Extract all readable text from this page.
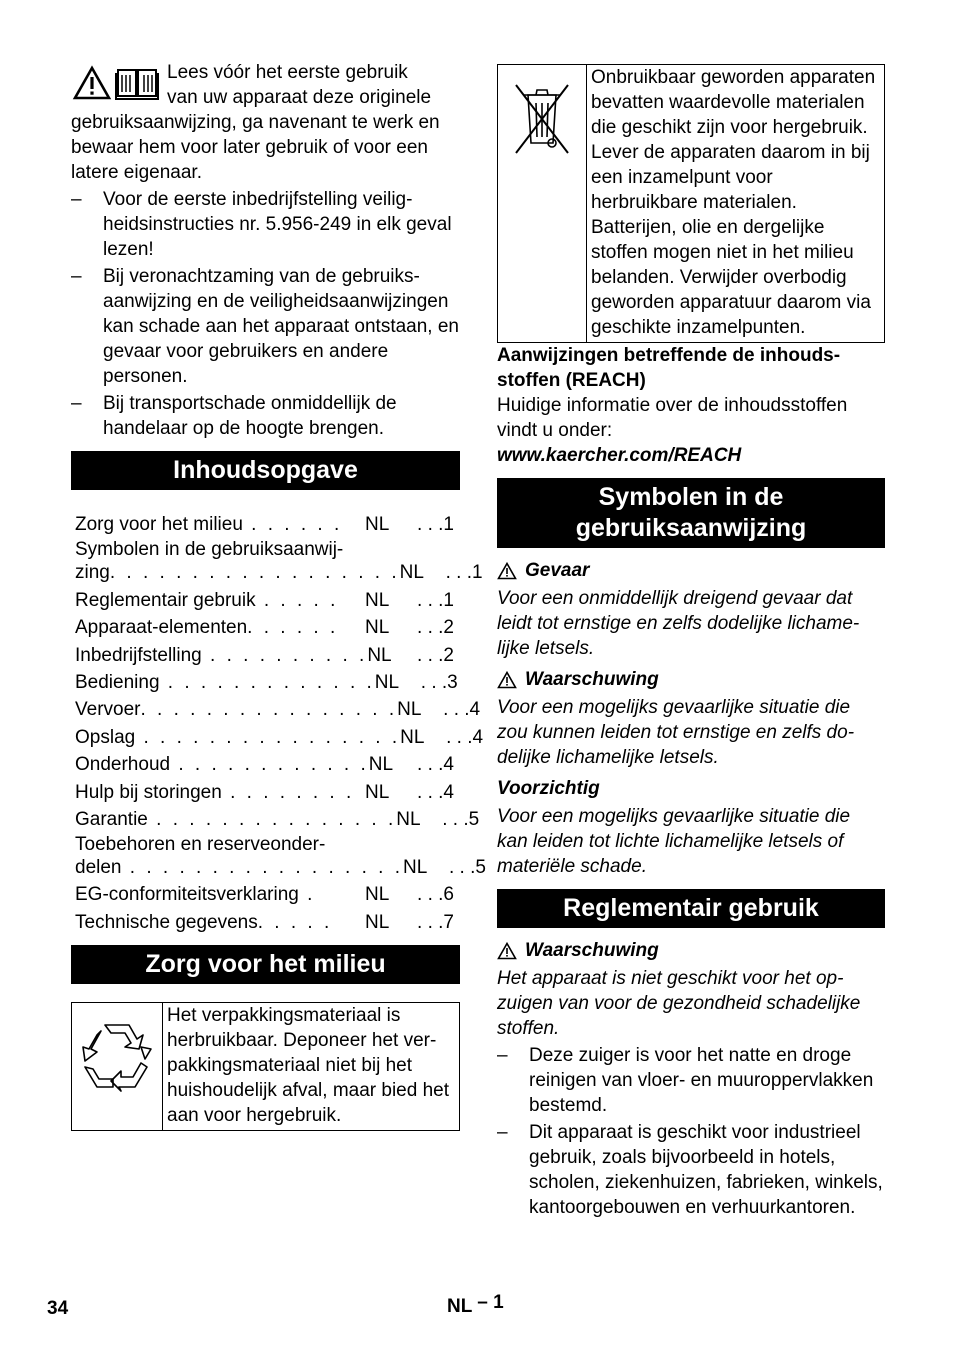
Lees vóór het eerste gebruik

van uw apparaat deze originele

gebruiksaanwijzing, ga navenant te werk en bewaar hem voor later gebruik of voor een latere eigenaar.

– Voor de eerste inbedrijfstelling veiligheidsinstructies nr. 5.956-249 in elk geval lezen!
– Bij veronachtzaming van de gebruiksaanwijzing en de veiligheidsaanwijzingen kan schade aan het apparaat ontstaan, en gevaar voor gebruikers en andere personen.
– Bij transportschade onmiddellijk de handelaar op de hoogte brengen.
Inhoudsopgave
Zorg voor het milieu . . . . . .	NL	. . .1
Symbolen in de gebruiksaanwij-
zing. . . . . . . . . . . . . . . . . . NL	. . .1
Reglementair gebruik . . . . .	NL	. . .1
Apparaat-elementen. . . . . .	NL	. . .2
Inbedrijfstelling . . . . . . . . . . NL	. . .2
Bediening . . . . . . . . . . . . . NL	. . .3
Vervoer. . . . . . . . . . . . . . . . NL	. . .4
Opslag . . . . . . . . . . . . . . . . NL	. . .4
Onderhoud . . . . . . . . . . . . NL	. . .4
Hulp bij storingen . . . . . . . . NL	. . .4
Garantie . . . . . . . . . . . . . . . NL	. . .5
Toebehoren en reserveonder-
delen . . . . . . . . . . . . . . . . . NL	. . .5
EG-conformiteitsverklaring .	NL	. . .6
Technische gegevens. . . . .	NL	. . .7
Zorg voor het milieu
Het verpakkingsmateriaal is herbruikbaar. Deponeer het verpakkingsmateriaal niet bij het huishoudelijk afval, maar bied het aan voor hergebruik.
Onbruikbaar geworden apparaten bevatten waardevolle materialen die geschikt zijn voor hergebruik. Lever de apparaten daarom in bij een inzamelpunt voor herbruikbare materialen. Batterijen, olie en dergelijke stoffen mogen niet in het milieu belanden. Verwijder overbodig geworden apparatuur daarom via geschikte inzamelpunten.

Aanwijzingen betreffende de inhoudsstoffen (REACH)

Huidige informatie over de inhoudsstoffen vindt u onder:

www.kaercher.com/REACH

Symbolen in de gebruiksaanwijzing
Gevaar

Voor een onmiddellijk dreigend gevaar dat leidt tot ernstige en zelfs dodelijke lichamelijke letsels.

Waarschuwing

Voor een mogelijks gevaarlijke situatie die zou kunnen leiden tot ernstige en zelfs dodelijke lichamelijke letsels.

Voorzichtig

Voor een mogelijks gevaarlijke situatie die kan leiden tot lichte lichamelijke letsels of materiële schade.

Reglementair gebruik
Waarschuwing

Het apparaat is niet geschikt voor het opzuigen van voor de gezondheid schadelijke stoffen.

– Deze zuiger is voor het natte en droge reinigen van vloer- en muuroppervlakken bestemd.
– Dit apparaat is geschikt voor industrieel gebruik, zoals bijvoorbeeld in hotels, scholen, ziekenhuizen, fabrieken, winkels, kantoorgebouwen en verhuurkantoren.
34	NL – 1
